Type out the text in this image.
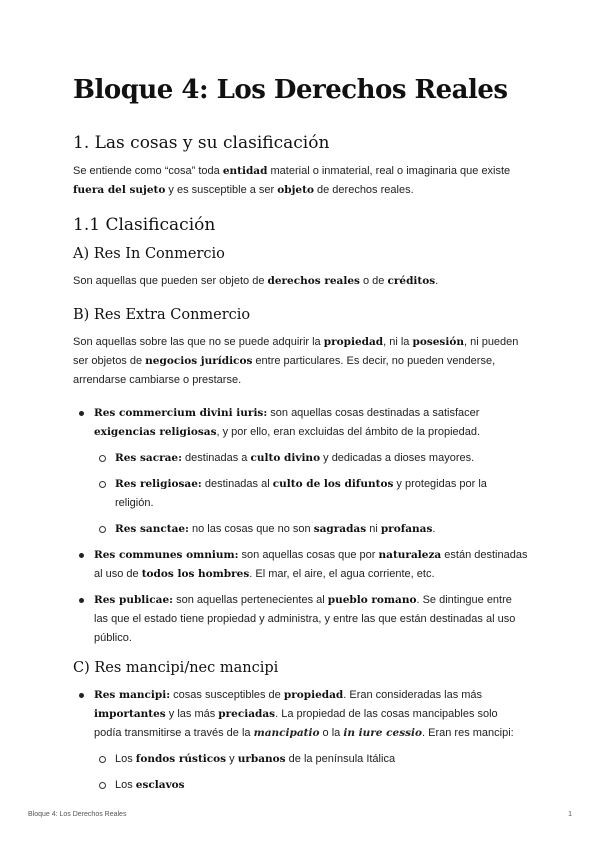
Bloque 4: Los Derechos Reales
1. Las cosas y su clasificación

Se entiende como “cosa” toda entidad material o inmaterial, real o imaginaria que existe fuera del sujeto y es susceptible a ser objeto de derechos reales.

1.1 Clasificación
A) Res In Conmercio

Son aquellas que pueden ser objeto de derechos reales o de créditos.

B) Res Extra Conmercio

Son aquellas sobre las que no se puede adquirir la propiedad, ni la posesión, ni pueden ser objetos de negocios jurídicos entre particulares. Es decir, no pueden venderse, arrendarse cambiarse o prestarse.

Res commercium divini iuris: son aquellas cosas destinadas a satisfacer exigencias religiosas, y por ello, eran excluidas del ámbito de la propiedad.
Res sacrae: destinadas a culto divino y dedicadas a dioses mayores.
Res religiosae: destinadas al culto de los difuntos y protegidas por la religión.
Res sanctae: no las cosas que no son sagradas ni profanas.
Res communes omnium: son aquellas cosas que por naturaleza están destinadas al uso de todos los hombres. El mar, el aire, el agua corriente, etc.
Res publicae: son aquellas pertenecientes al pueblo romano. Se dintingue entre las que el estado tiene propiedad y administra, y entre las que están destinadas al uso público.
C) Res mancipi/nec mancipi
Res mancipi: cosas susceptibles de propiedad. Eran consideradas las más importantes y las más preciadas. La propiedad de las cosas mancipables solo podía transmitirse a través de la mancipatio o la in iure cessio. Eran res mancipi:
Los fondos rústicos y urbanos de la península Itálica
Los esclavos
Bloque 4: Los Derechos Reales	1
